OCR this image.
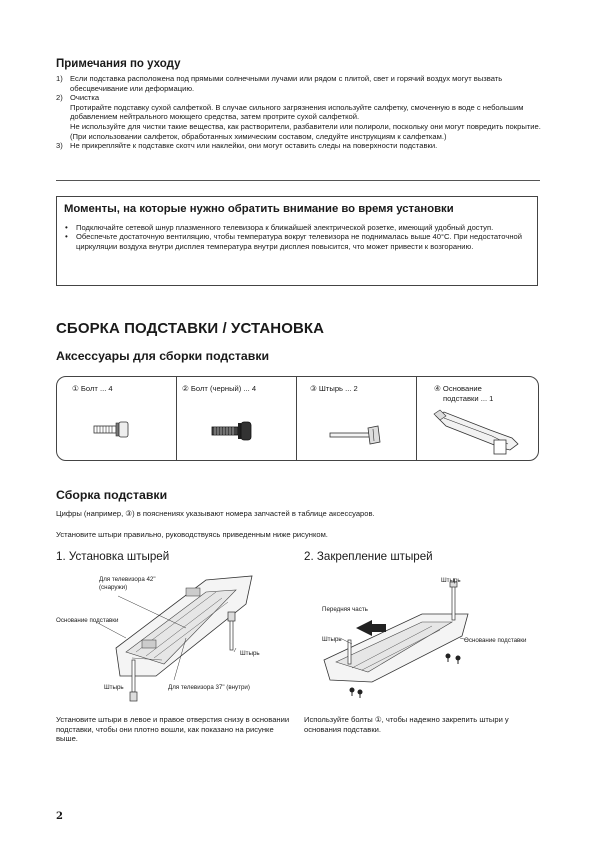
Примечания по уходу
1) Если подставка расположена под прямыми солнечными лучами или рядом с плитой, свет и горячий воздух могут вызвать обесцвечивание или деформацию.
2) Очистка
Протирайте подставку сухой салфеткой. В случае сильного загрязнения используйте салфетку, смоченную в воде с небольшим добавлением нейтрального моющего средства, затем протрите сухой салфеткой.
Не используйте для чистки такие вещества, как растворители, разбавители или полироли, поскольку они могут повредить покрытие.
(При использовании салфеток, обработанных химическим составом, следуйте инструкциям к салфеткам.)
3) Не прикрепляйте к подставке скотч или наклейки, они могут оставить следы на поверхности подставки.
Моменты, на которые нужно обратить внимание во время установки
• Подключайте сетевой шнур плазменного телевизора к ближайшей электрической розетке, имеющий удобный доступ.
• Обеспечьте достаточную вентиляцию, чтобы температура вокруг телевизора не поднималась выше 40°С. При недостаточной циркуляции воздуха внутри дисплея температура внутри дисплея повысится, что может привести к возгоранию.
СБОРКА ПОДСТАВКИ / УСТАНОВКА
Аксессуары для сборки подставки
① Болт ... 4	② Болт (черный) ... 4	③ Штырь ... 2	④ Основание
подставки ... 1
Сборка подставки
Цифры (например, ③) в пояснениях указывают номера запчастей в таблице аксессуаров.
Установите штыри правильно, руководствуясь приведенным ниже рисунком.
1. Установка штырей	2. Закрепление штырей
Для телевизора 42"
(снаружи)
Основание подставки
Штырь
Штырь	Для телевизора 37" (внутри)
Штырь
Передняя часть
Штырь	Основание подставки
Установите штыри в левое и правое отверстия снизу в основании подставки, чтобы они плотно вошли, как показано на рисунке выше.
Используйте болты ①, чтобы надежно закрепить штыри у основания подставки.
2
